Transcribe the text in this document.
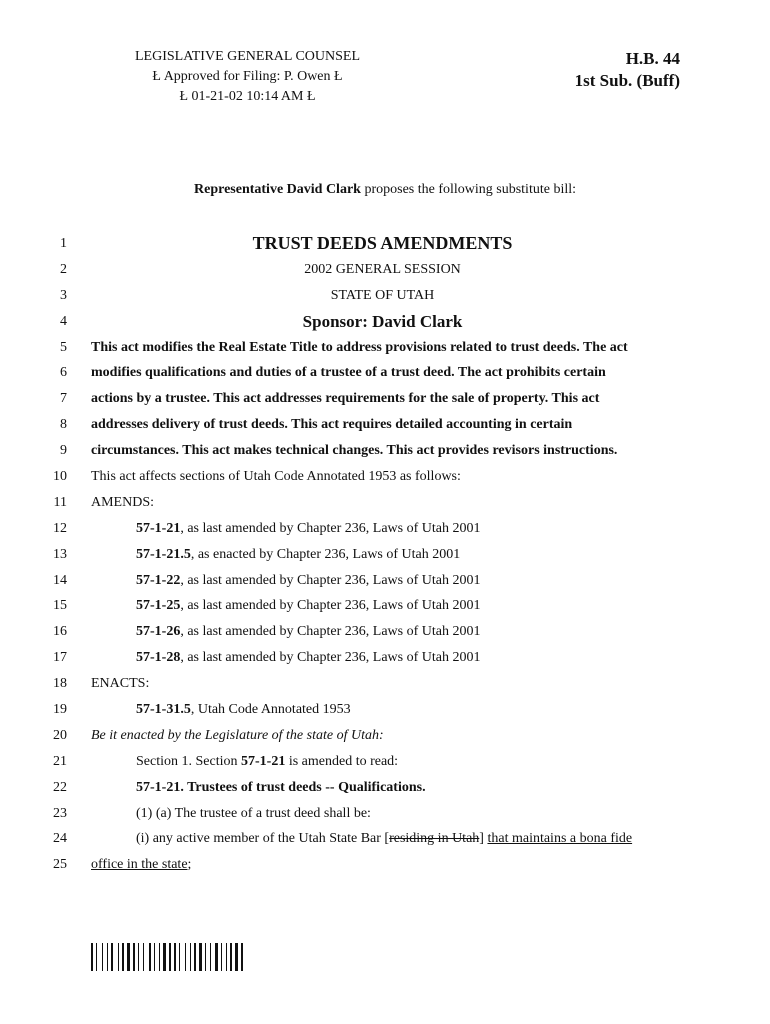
LEGISLATIVE GENERAL COUNSEL
Ł Approved for Filing: P. Owen Ł
Ł 01-21-02 10:14 AM Ł
H.B. 44
1st Sub. (Buff)
Representative David Clark proposes the following substitute bill:
1	TRUST DEEDS AMENDMENTS
2	2002 GENERAL SESSION
3	STATE OF UTAH
4	Sponsor: David Clark
5 This act modifies the Real Estate Title to address provisions related to trust deeds. The act
6 modifies qualifications and duties of a trustee of a trust deed. The act prohibits certain
7 actions by a trustee. This act addresses requirements for the sale of property. This act
8 addresses delivery of trust deeds. This act requires detailed accounting in certain
9 circumstances. This act makes technical changes. This act provides revisors instructions.
10 This act affects sections of Utah Code Annotated 1953 as follows:
11 AMENDS:
12	57-1-21, as last amended by Chapter 236, Laws of Utah 2001
13	57-1-21.5, as enacted by Chapter 236, Laws of Utah 2001
14	57-1-22, as last amended by Chapter 236, Laws of Utah 2001
15	57-1-25, as last amended by Chapter 236, Laws of Utah 2001
16	57-1-26, as last amended by Chapter 236, Laws of Utah 2001
17	57-1-28, as last amended by Chapter 236, Laws of Utah 2001
18 ENACTS:
19	57-1-31.5, Utah Code Annotated 1953
20 Be it enacted by the Legislature of the state of Utah:
21	Section 1. Section 57-1-21 is amended to read:
22	57-1-21. Trustees of trust deeds -- Qualifications.
23	(1) (a) The trustee of a trust deed shall be:
24	(i) any active member of the Utah State Bar [residing in Utah] that maintains a bona fide
25 office in the state;
